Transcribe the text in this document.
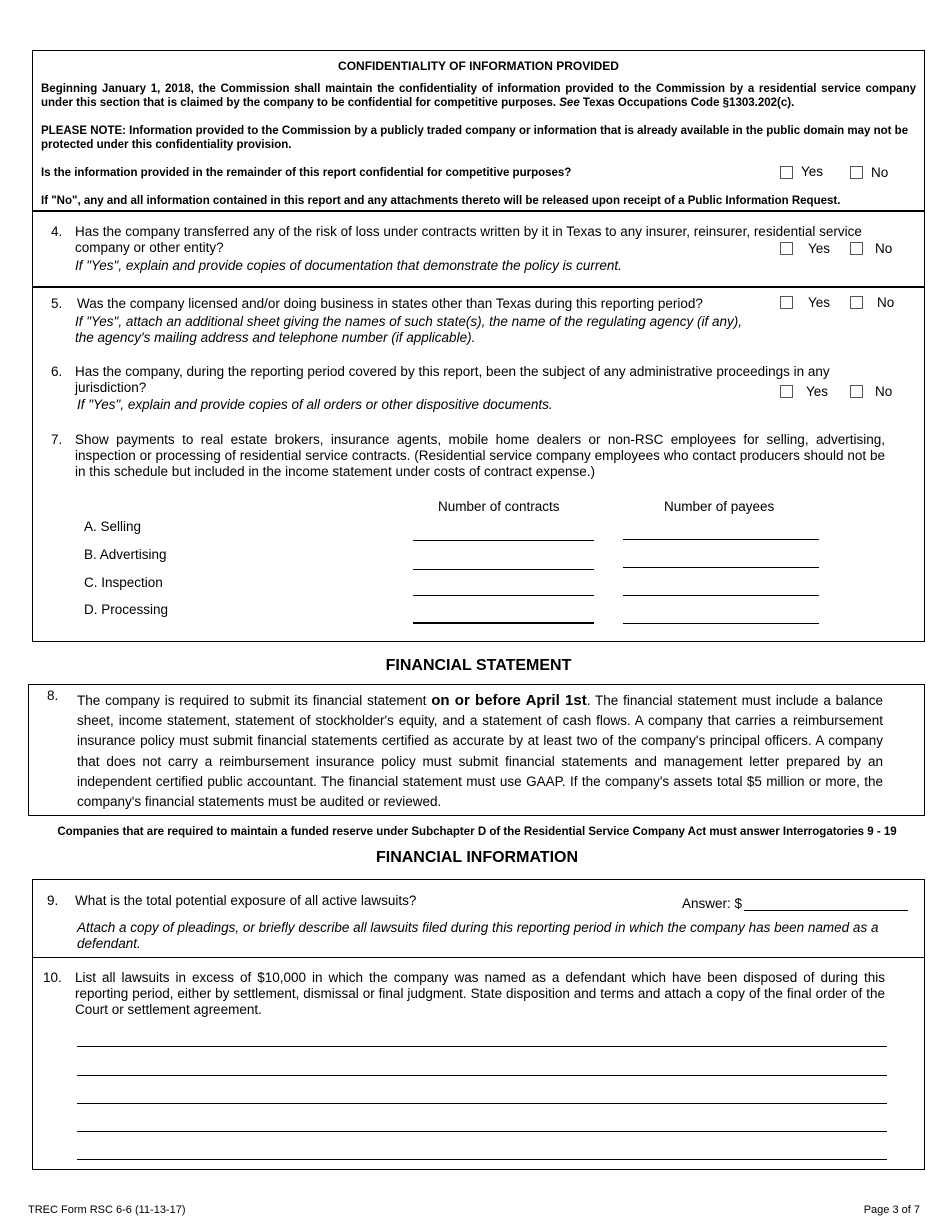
CONFIDENTIALITY OF INFORMATION PROVIDED
Beginning January 1, 2018, the Commission shall maintain the confidentiality of information provided to the Commission by a residential service company under this section that is claimed by the company to be confidential for competitive purposes. See Texas Occupations Code §1303.202(c).
PLEASE NOTE: Information provided to the Commission by a publicly traded company or information that is already available in the public domain may not be protected under this confidentiality provision.
Is the information provided in the remainder of this report confidential for competitive purposes?	Yes	No
If "No", any and all information contained in this report and any attachments thereto will be released upon receipt of a Public Information Request.
4. Has the company transferred any of the risk of loss under contracts written by it in Texas to any insurer, reinsurer, residential service company or other entity?
If "Yes", explain and provide copies of documentation that demonstrate the policy is current.
Yes	No
5. Was the company licensed and/or doing business in states other than Texas during this reporting period?
If "Yes", attach an additional sheet giving the names of such state(s), the name of the regulating agency (if any), the agency's mailing address and telephone number (if applicable).
Yes	No
6. Has the company, during the reporting period covered by this report, been the subject of any administrative proceedings in any jurisdiction?
If "Yes", explain and provide copies of all orders or other dispositive documents.
Yes	No
7. Show payments to real estate brokers, insurance agents, mobile home dealers or non-RSC employees for selling, advertising, inspection or processing of residential service contracts. (Residential service company employees who contact producers should not be in this schedule but included in the income statement under costs of contract expense.)
Number of contracts	Number of payees
A. Selling
B. Advertising
C. Inspection
D. Processing
FINANCIAL STATEMENT
8. The company is required to submit its financial statement on or before April 1st. The financial statement must include a balance sheet, income statement, statement of stockholder's equity, and a statement of cash flows. A company that carries a reimbursement insurance policy must submit financial statements certified as accurate by at least two of the company's principal officers. A company that does not carry a reimbursement insurance policy must submit financial statements and management letter prepared by an independent certified public accountant. The financial statement must use GAAP. If the company's assets total $5 million or more, the company's financial statements must be audited or reviewed.
Companies that are required to maintain a funded reserve under Subchapter D of the Residential Service Company Act must answer Interrogatories 9 - 19
FINANCIAL INFORMATION
9. What is the total potential exposure of all active lawsuits?	Answer: $
Attach a copy of pleadings, or briefly describe all lawsuits filed during this reporting period in which the company has been named as a defendant.
10. List all lawsuits in excess of $10,000 in which the company was named as a defendant which have been disposed of during this reporting period, either by settlement, dismissal or final judgment. State disposition and terms and attach a copy of the final order of the Court or settlement agreement.
TREC Form RSC 6-6 (11-13-17)	Page 3 of 7
